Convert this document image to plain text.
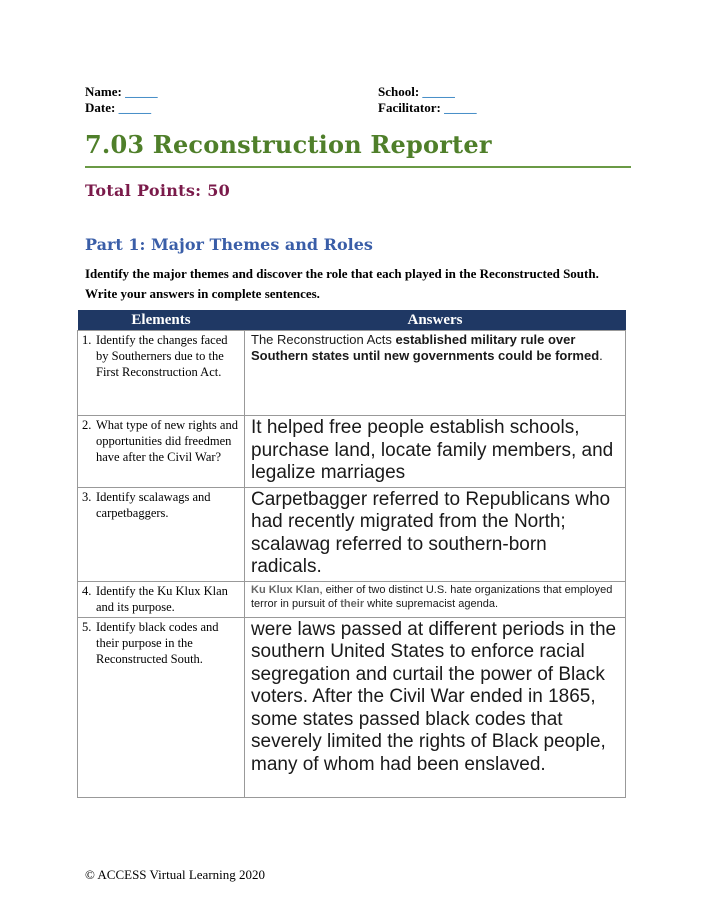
Name: _____
Date: _____
School: _____
Facilitator: _____
7.03 Reconstruction Reporter
Total Points: 50
Part 1: Major Themes and Roles
Identify the major themes and discover the role that each played in the Reconstructed South. Write your answers in complete sentences.
Elements	Answers

1. Identify the changes faced by Southerners due to the First Reconstruction Act.	The Reconstruction Acts established military rule over Southern states until new governments could be formed.

2. What type of new rights and opportunities did freedmen have after the Civil War?	It helped free people establish schools, purchase land, locate family members, and legalize marriages

3. Identify scalawags and carpetbaggers.	Carpetbagger referred to Republicans who had recently migrated from the North; scalawag referred to southern-born radicals.

4. Identify the Ku Klux Klan and its purpose.	Ku Klux Klan, either of two distinct U.S. hate organizations that employed terror in pursuit of their white supremacist agenda.

5. Identify black codes and their purpose in the Reconstructed South.	were laws passed at different periods in the southern United States to enforce racial segregation and curtail the power of Black voters. After the Civil War ended in 1865, some states passed black codes that severely limited the rights of Black people, many of whom had been enslaved.
© ACCESS Virtual Learning 2020
